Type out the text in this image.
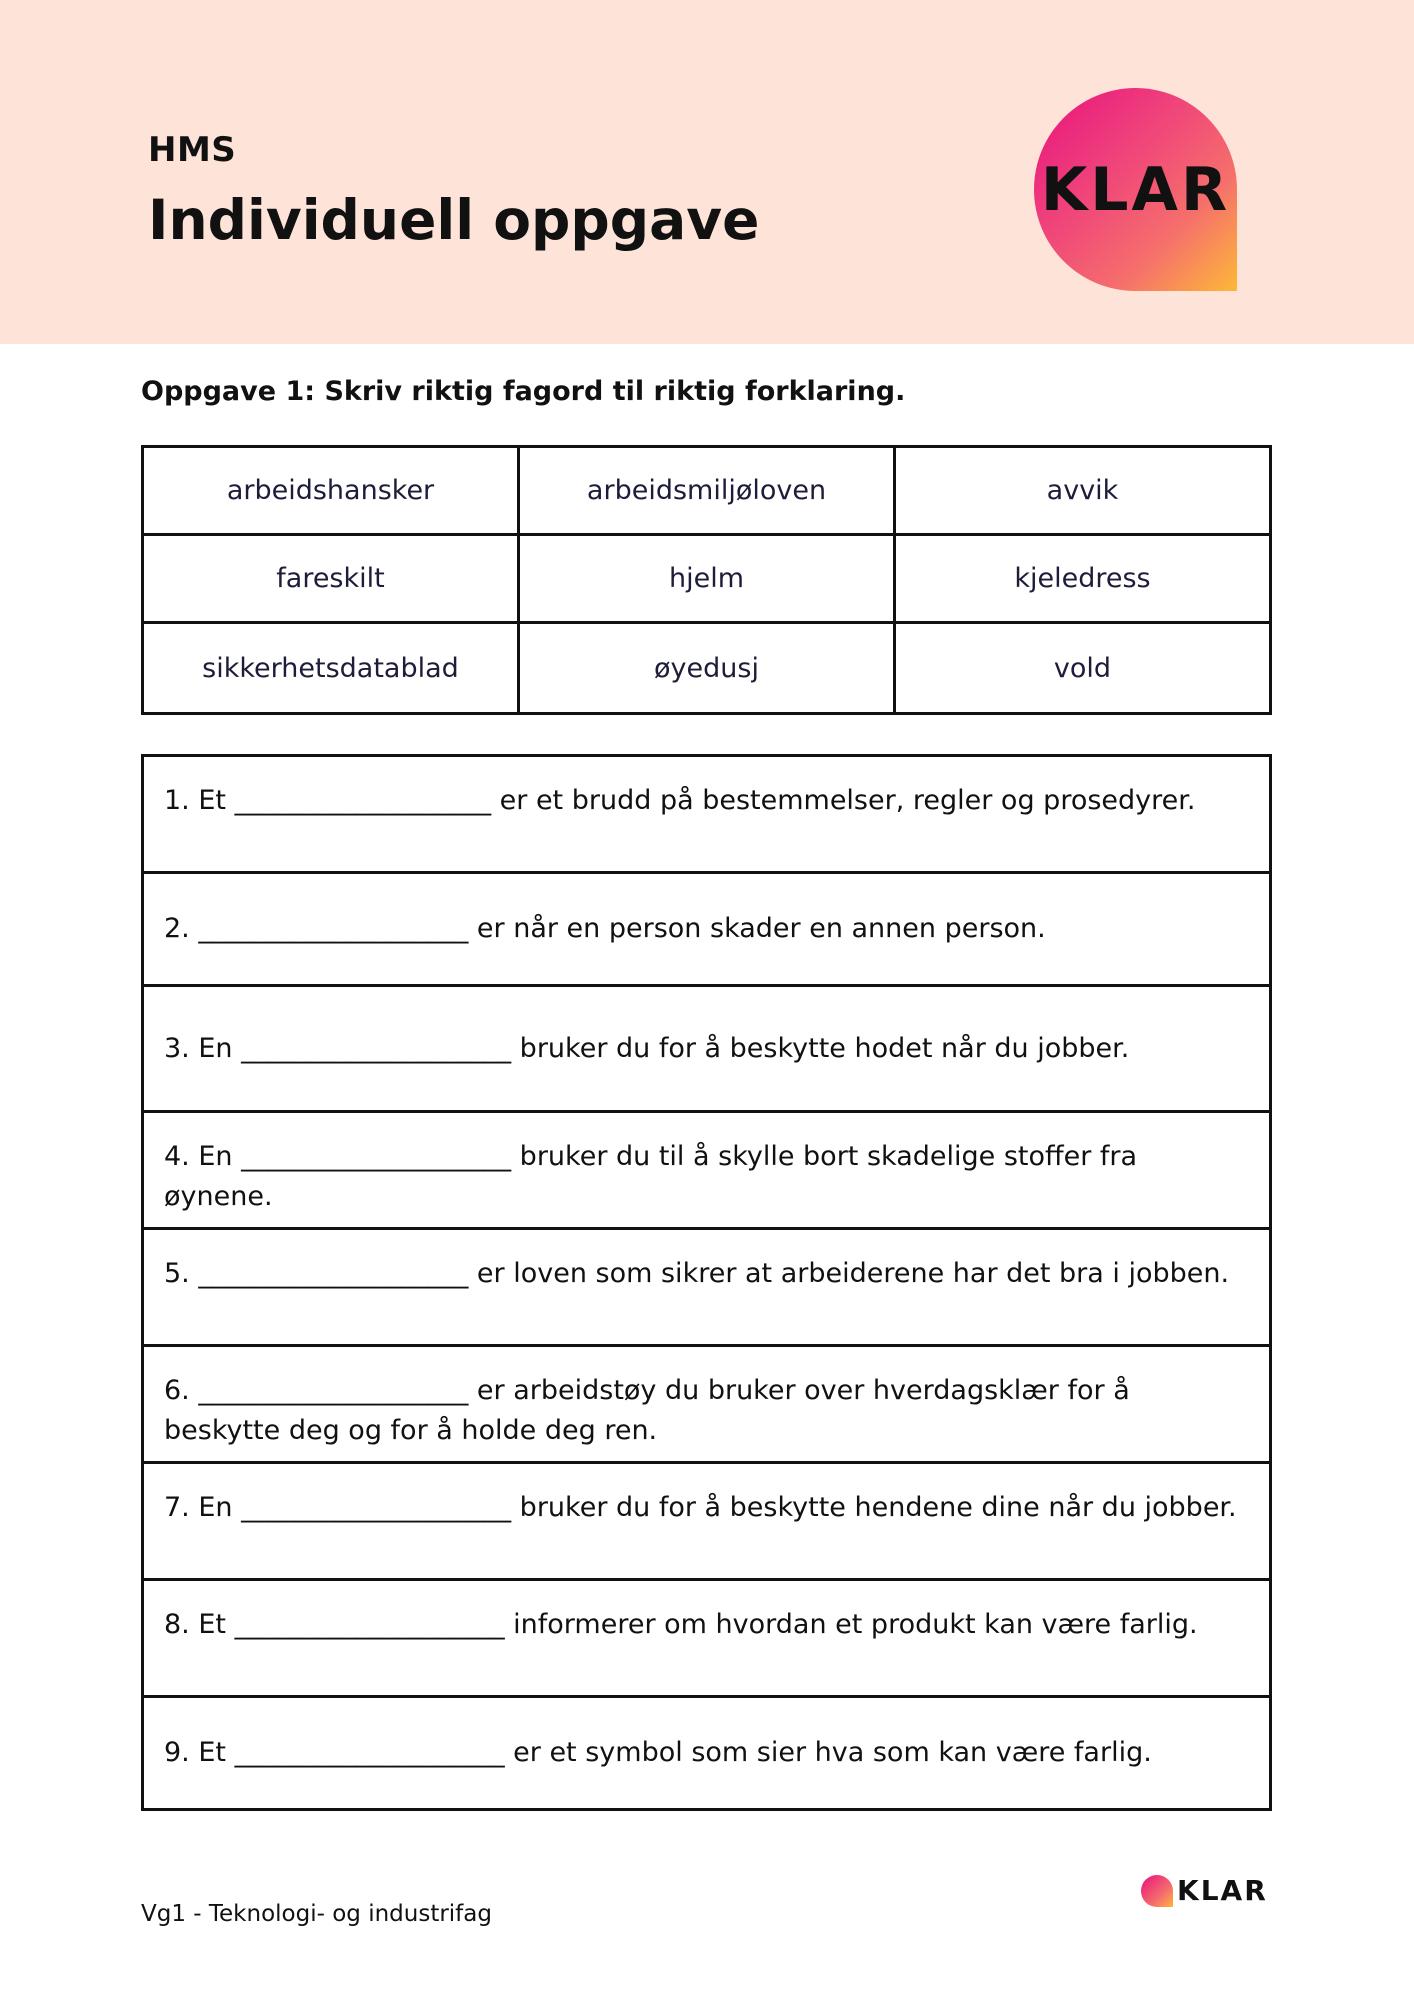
HMS
Individuell oppgave	KLAR
Oppgave 1: Skriv riktig fagord til riktig forklaring.
arbeidshansker	arbeidsmiljøloven	avvik
fareskilt	hjelm	kjeledress
sikkerhetsdatablad	øyedusj	vold
1. Et ___________________ er et brudd på bestemmelser, regler og prosedyrer.
2. ____________________ er når en person skader en annen person.
3. En ____________________ bruker du for å beskytte hodet når du jobber.
4. En ____________________ bruker du til å skylle bort skadelige stoffer fra øynene.
5. ____________________ er loven som sikrer at arbeiderene har det bra i jobben.
6. ____________________ er arbeidstøy du bruker over hverdagsklær for å beskytte deg og for å holde deg ren.
7. En ____________________ bruker du for å beskytte hendene dine når du jobber.
8. Et ____________________ informerer om hvordan et produkt kan være farlig.
9. Et ____________________ er et symbol som sier hva som kan være farlig.
Vg1 - Teknologi- og industrifag
KLAR
